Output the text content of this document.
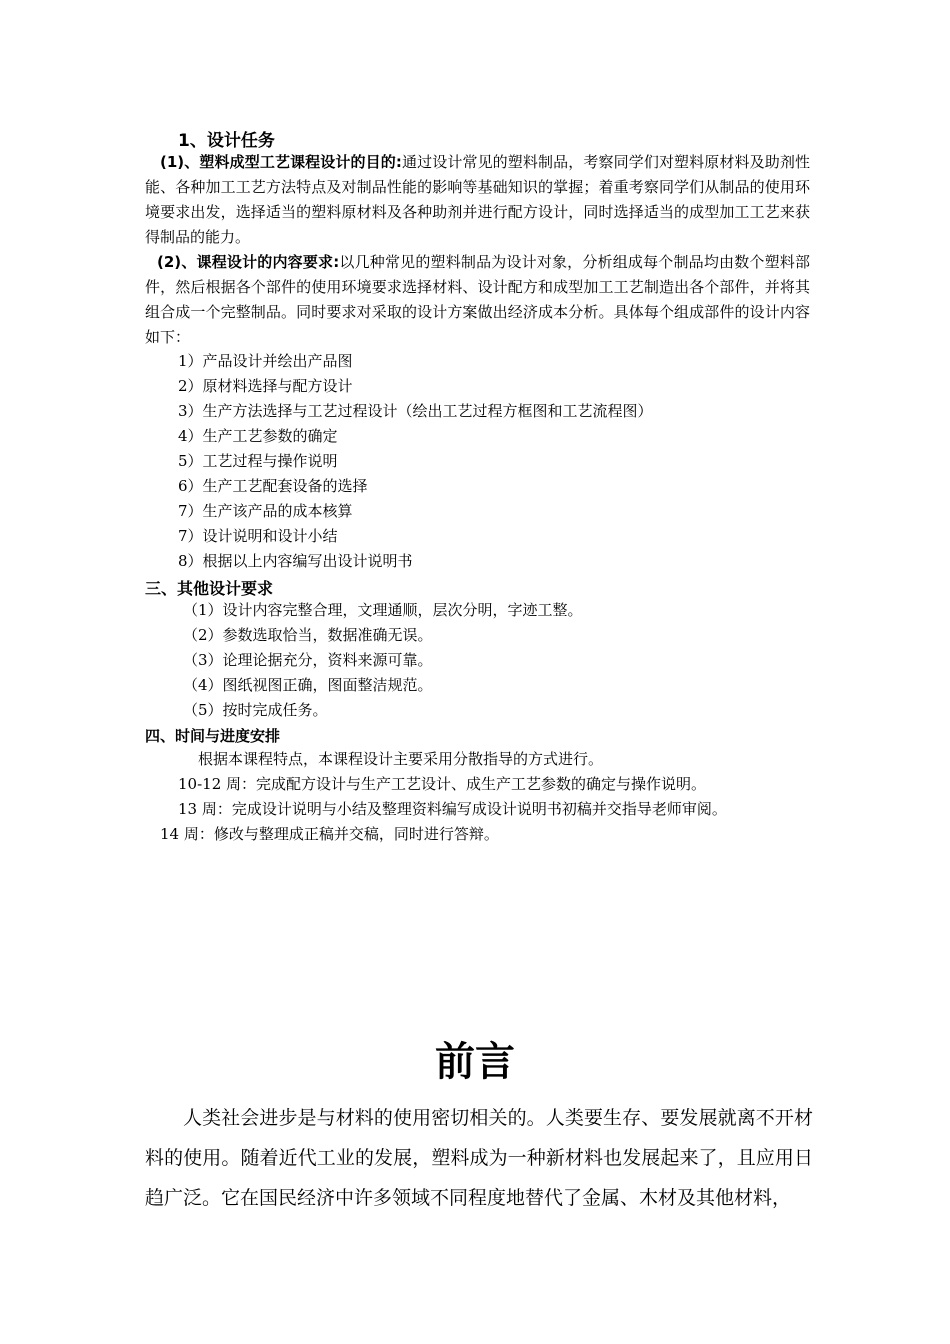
1、设计任务

(1)、塑料成型工艺课程设计的目的:通过设计常见的塑料制品，考察同学们对塑料原材料及助剂性能、各种加工工艺方法特点及对制品性能的影响等基础知识的掌握；着重考察同学们从制品的使用环境要求出发，选择适当的塑料原材料及各种助剂并进行配方设计，同时选择适当的成型加工工艺来获得制品的能力。

(2)、课程设计的内容要求:以几种常见的塑料制品为设计对象，分析组成每个制品均由数个塑料部件，然后根据各个部件的使用环境要求选择材料、设计配方和成型加工工艺制造出各个部件，并将其组合成一个完整制品。同时要求对采取的设计方案做出经济成本分析。具体每个组成部件的设计内容如下：

1）产品设计并绘出产品图
2）原材料选择与配方设计
3）生产方法选择与工艺过程设计（绘出工艺过程方框图和工艺流程图）
4）生产工艺参数的确定
5）工艺过程与操作说明
6）生产工艺配套设备的选择
7）生产该产品的成本核算
7）设计说明和设计小结
8）根据以上内容编写出设计说明书
三、其他设计要求
（1）设计内容完整合理，文理通顺，层次分明，字迹工整。
（2）参数选取恰当，数据准确无误。
（3）论理论据充分，资料来源可靠。
（4）图纸视图正确，图面整洁规范。
（5）按时完成任务。
四、时间与进度安排
根据本课程特点，本课程设计主要采用分散指导的方式进行。
10-12 周：完成配方设计与生产工艺设计、成生产工艺参数的确定与操作说明。
13 周：完成设计说明与小结及整理资料编写成设计说明书初稿并交指导老师审阅。
14 周：修改与整理成正稿并交稿，同时进行答辩。
前言

人类社会进步是与材料的使用密切相关的。人类要生存、要发展就离不开材料的使用。随着近代工业的发展，塑料成为一种新材料也发展起来了，且应用日趋广泛。它在国民经济中许多领域不同程度地替代了金属、木材及其他材料，
